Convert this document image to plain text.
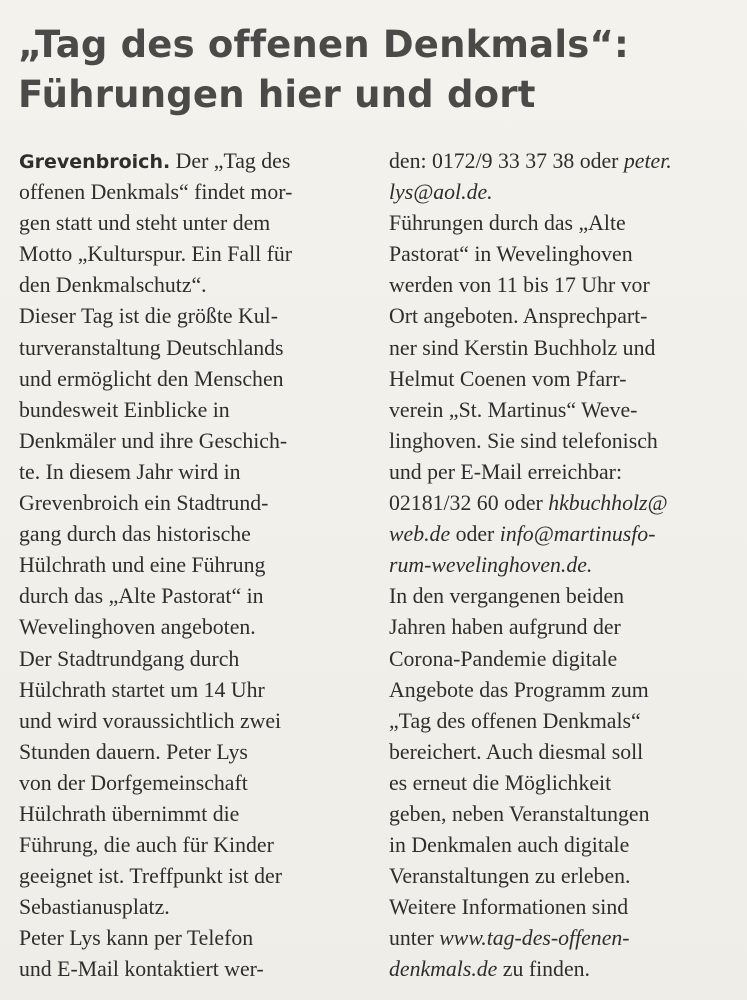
„Tag des offenen Denkmals“:
Führungen hier und dort
Grevenbroich. Der „Tag des
offenen Denkmals“ findet mor-
gen statt und steht unter dem
Motto „Kulturspur. Ein Fall für
den Denkmalschutz“.
Dieser Tag ist die größte Kul-
turveranstaltung Deutschlands
und ermöglicht den Menschen
bundesweit Einblicke in
Denkmäler und ihre Geschich-
te. In diesem Jahr wird in
Grevenbroich ein Stadtrund-
gang durch das historische
Hülchrath und eine Führung
durch das „Alte Pastorat“ in
Wevelinghoven angeboten.
Der Stadtrundgang durch
Hülchrath startet um 14 Uhr
und wird voraussichtlich zwei
Stunden dauern. Peter Lys
von der Dorfgemeinschaft
Hülchrath übernimmt die
Führung, die auch für Kinder
geeignet ist. Treffpunkt ist der
Sebastianusplatz.
Peter Lys kann per Telefon
und E-Mail kontaktiert wer-
den: 0172/9 33 37 38 oder peter.
lys@aol.de.
Führungen durch das „Alte
Pastorat“ in Wevelinghoven
werden von 11 bis 17 Uhr vor
Ort angeboten. Ansprechpart-
ner sind Kerstin Buchholz und
Helmut Coenen vom Pfarr-
verein „St. Martinus“ Weve-
linghoven. Sie sind telefonisch
und per E-Mail erreichbar:
02181/32 60 oder hkbuchholz@
web.de oder info@martinusfo-
rum-wevelinghoven.de.
In den vergangenen beiden
Jahren haben aufgrund der
Corona-Pandemie digitale
Angebote das Programm zum
„Tag des offenen Denkmals“
bereichert. Auch diesmal soll
es erneut die Möglichkeit
geben, neben Veranstaltungen
in Denkmalen auch digitale
Veranstaltungen zu erleben.
Weitere Informationen sind
unter www.tag-des-offenen-
denkmals.de zu finden.
